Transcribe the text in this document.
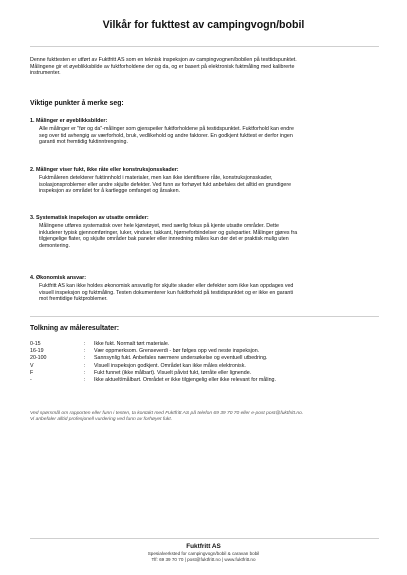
Vilkår for fukttest av campingvogn/bobil

Denne fukttesten er utført av Fuktfritt AS som en teknisk inspeksjon av campingvognen/bobilen på testtidspunktet.

Målingene gir et øyeblikksbilde av fuktforholdene der og da, og er basert på elektronisk fuktmåling med kalibrerte

instrumenter.

Viktige punkter å merke seg:
1. Målinger er øyeblikksbilder:

Alle målinger er "før og da"-målinger som gjenspeiler fuktforholdene på testidspunktet. Fuktforhold kan endre

seg over tid avhengig av værforhold, bruk, vedlikehold og andre faktorer. En godkjent fukttest er derfor ingen

garanti mot fremtidig fuktinntrengning.

2. Målinger viser fukt, ikke råte eller konstruksjonsskader:

Fuktmåleren detekterer fuktinnhold i materialer, men kan ikke identifisere råte, konstruksjonsskader,

isolasjonsproblemer eller andre skjulte defekter. Ved funn av forhøyet fukt anbefales det alltid en grundigere

inspeksjon av området for å kartlegge omfanget og årsaken.

3. Systematisk inspeksjon av utsatte områder:

Målingene utføres systematisk over hele kjøretøyet, med særlig fokus på kjente utsatte områder. Dette

inkluderer typisk gjennomføringer, luker, vinduer, takkant, hjørneforbindelser og gulvpartier. Målinger gjøres fra

tilgjengelige flater, og skjulte områder bak paneler eller innredning måles kun der det er praktisk mulig uten

demontering.

4. Økonomisk ansvar:

Fuktfritt AS kan ikke holdes økonomisk ansvarlig for skjulte skader eller defekter som ikke kan oppdages ved

visuell inspeksjon og fuktmåling. Testen dokumenterer kun fuktforhold på testidspunktet og er ikke en garanti

mot fremtidige fuktproblemer.

Tolkning av måleresultater:
0-15	:	Ikke fukt. Normalt tørt materiale.
16-19	:	Vær oppmerksom. Grenseverdi - bør følges opp ved neste inspeksjon.
20-100	:	Sannsynlig fukt. Anbefales nærmere undersøkelse og eventuell utbedring.
V	:	Visuell inspeksjon godkjent. Området kan ikke måles elektronisk.
F	:	Fukt funnet (ikke målbart). Visuelt påvist fukt, tørråte eller lignende.
-	:	Ikke aktuelt/målbart. Området er ikke tilgjengelig eller ikke relevant for måling.

Ved spørsmål om rapporten eller funn i testen, ta kontakt med Fuktfritt AS på telefon 69 39 70 70 eller e-post post@fuktfritt.no.

Vi anbefaler alltid profesjonell vurdering ved funn av forhøyet fukt.

Fuktfritt AS
Spesialverksted for campingvogn/bobil & caravan bobil
Tlf: 69 39 70 70 | post@fuktfritt.no | www.fuktfritt.no
